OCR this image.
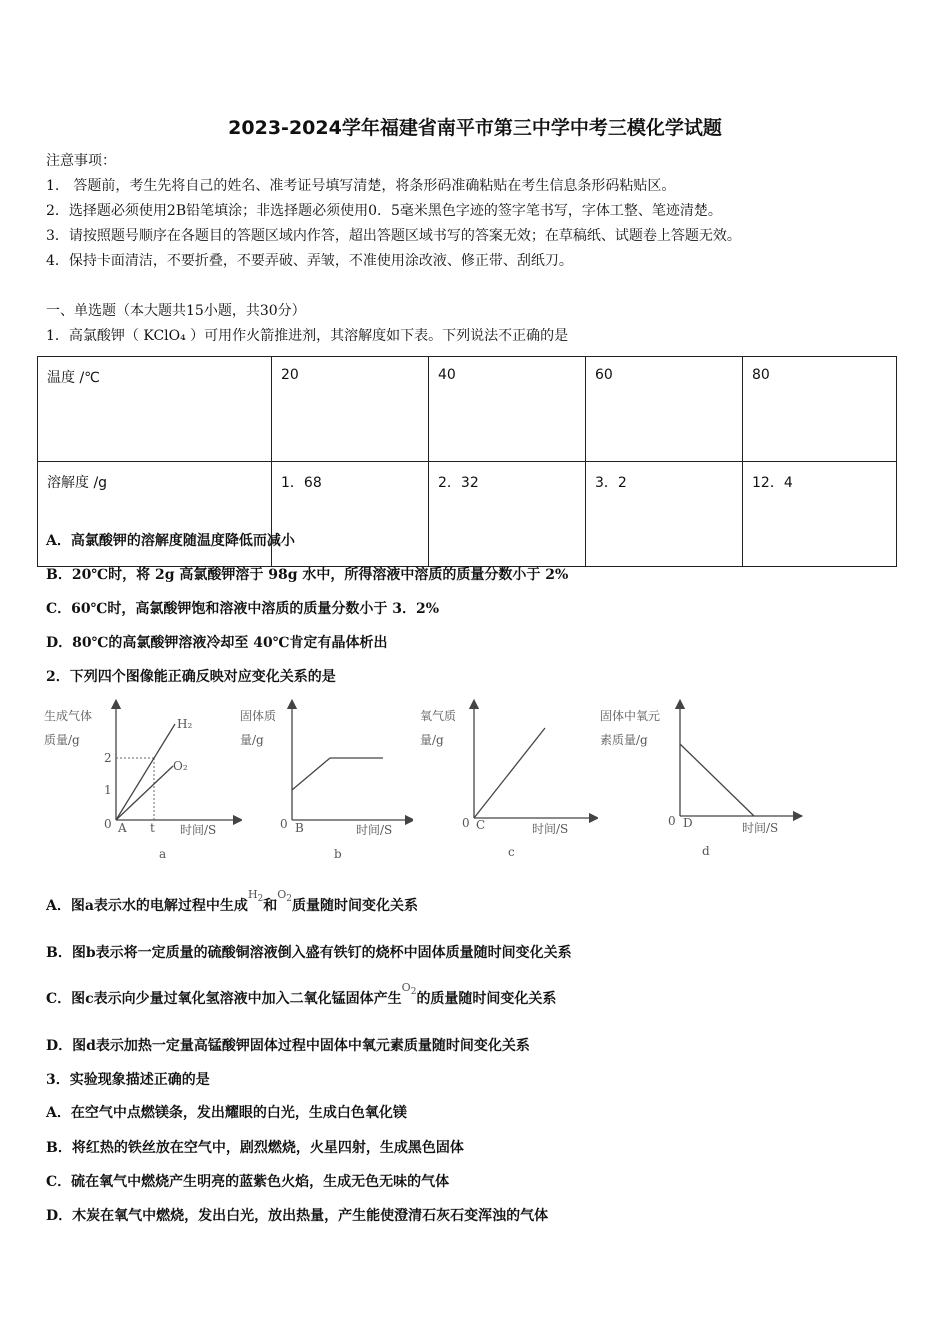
2023-2024学年福建省南平市第三中学中考三模化学试题
注意事项：
1.　答题前，考生先将自己的姓名、准考证号填写清楚，将条形码准确粘贴在考生信息条形码粘贴区。
2．选择题必须使用2B铅笔填涂；非选择题必须使用0．5毫米黑色字迹的签字笔书写，字体工整、笔迹清楚。
3．请按照题号顺序在各题目的答题区域内作答，超出答题区域书写的答案无效；在草稿纸、试题卷上答题无效。
4．保持卡面清洁，不要折叠，不要弄破、弄皱，不准使用涂改液、修正带、刮纸刀。
一、单选题（本大题共15小题，共30分）
1．高氯酸钾（ KClO₄ ）可用作火箭推进剂，其溶解度如下表。下列说法不正确的是
温度 /℃	20	40	60	80
溶解度 /g	1．68	2．32	3．2	12．4
A．高氯酸钾的溶解度随温度降低而减小
B．20℃时，将 2g 高氯酸钾溶于 98g 水中，所得溶液中溶质的质量分数小于 2%
C．60℃时，高氯酸钾饱和溶液中溶质的质量分数小于 3．2%
D．80℃的高氯酸钾溶液冷却至 40℃肯定有晶体析出
2．下列四个图像能正确反映对应变化关系的是
生成气体
质量/g
H₂
O₂
2
1
0 A t 时间/S
a
固体质
量/g
0 B	时间/S
b
氧气质
量/g
0 C	时间/S
c
固体中氧元
素质量/g
0 D	时间/S
d
A．图a表示水的电解过程中生成$^{H_2}$和$^{O_2}$质量随时间变化关系
B．图b表示将一定质量的硫酸铜溶液倒入盛有铁钉的烧杯中固体质量随时间变化关系
C．图c表示向少量过氧化氢溶液中加入二氧化锰固体产生$^{O_2}$的质量随时间变化关系
D．图d表示加热一定量高锰酸钾固体过程中固体中氧元素质量随时间变化关系
3．实验现象描述正确的是
A．在空气中点燃镁条，发出耀眼的白光，生成白色氧化镁
B．将红热的铁丝放在空气中，剧烈燃烧，火星四射，生成黑色固体
C．硫在氧气中燃烧产生明亮的蓝紫色火焰，生成无色无味的气体
D．木炭在氧气中燃烧，发出白光，放出热量，产生能使澄清石灰石变浑浊的气体
